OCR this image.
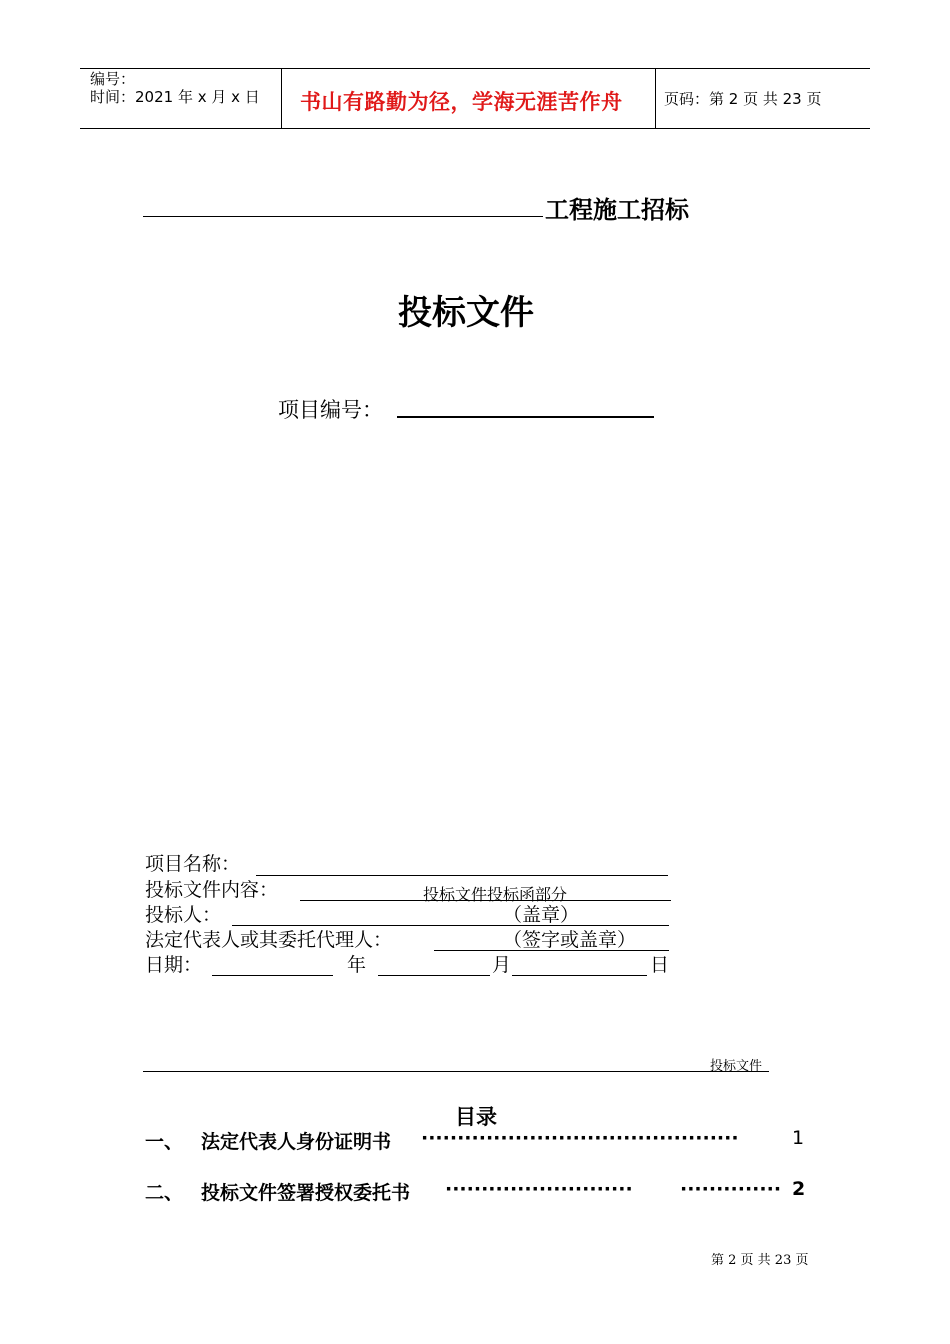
编号：
时间：2021 年 x 月 x 日 书山有路勤为径，学海无涯苦作舟	页码：第 2 页 共 23 页
工程施工招标
投标文件
项目编号：
项目名称：
投标文件内容：	投标文件投标函部分
投标人：	（盖章）
法定代表人或其委托代理人：	（签字或盖章）
日期：	年	月	日
投标文件
目录
一、 法定代表人身份证明书 ············································	1
二、 投标文件签署授权委托书 ··························	·············· 2
第 2 页 共 23 页
